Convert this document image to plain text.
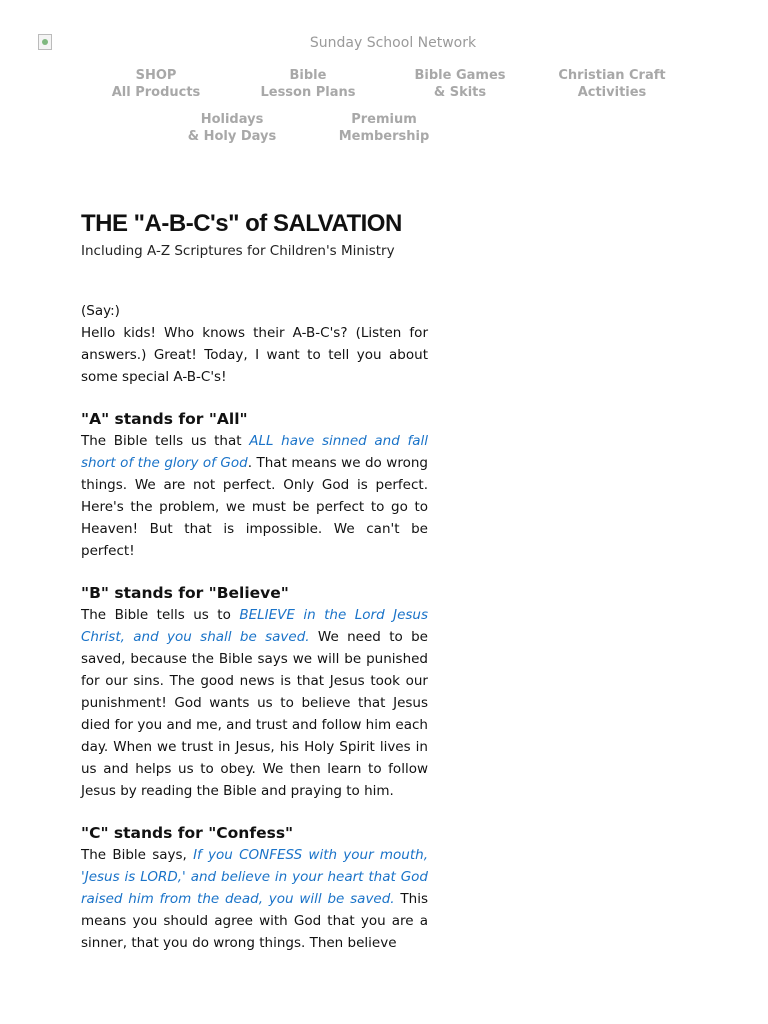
Sunday School Network
SHOP
All Products
Bible
Lesson Plans
Bible Games
& Skits
Christian Craft
Activities
Holidays
& Holy Days
Premium
Membership
THE "A-B-C's" of SALVATION
Including A-Z Scriptures for Children's Ministry
(Say:)

Hello kids! Who knows their A-B-C's? (Listen for answers.) Great! Today, I want to tell you about some special A-B-C's!

"A" stands for "All"

The Bible tells us that ALL have sinned and fall short of the glory of God. That means we do wrong things. We are not perfect. Only God is perfect. Here's the problem, we must be perfect to go to Heaven! But that is impossible. We can't be perfect!

"B" stands for "Believe"

The Bible tells us to BELIEVE in the Lord Jesus Christ, and you shall be saved. We need to be saved, because the Bible says we will be punished for our sins. The good news is that Jesus took our punishment! God wants us to believe that Jesus died for you and me, and trust and follow him each day. When we trust in Jesus, his Holy Spirit lives in us and helps us to obey. We then learn to follow Jesus by reading the Bible and praying to him.

"C" stands for "Confess"

The Bible says, If you CONFESS with your mouth, 'Jesus is LORD,' and believe in your heart that God raised him from the dead, you will be saved. This means you should agree with God that you are a sinner, that you do wrong things. Then believe
